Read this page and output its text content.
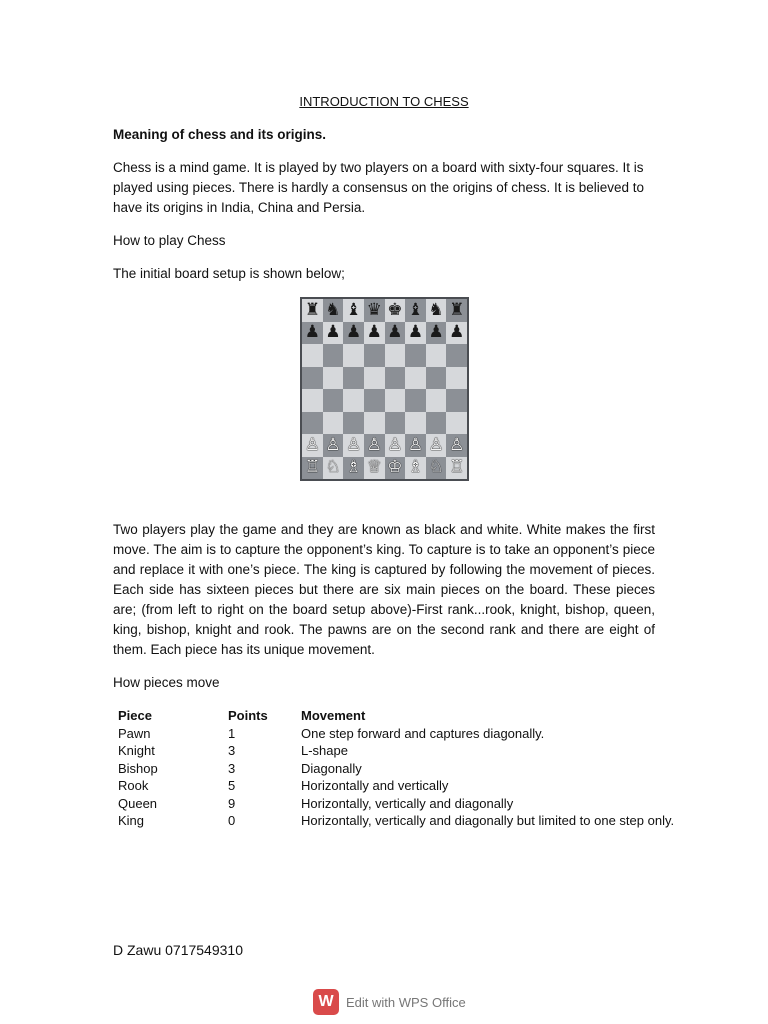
INTRODUCTION TO CHESS
Meaning of chess and its origins.

Chess is a mind game. It is played by two players on a board with sixty-four squares. It is played using pieces. There is hardly a consensus on the origins of chess. It is believed to have its origins in India, China and Persia.

How to play Chess

The initial board setup is shown below;

♜ ♞ ♝ ♛ ♚ ♝ ♞ ♜
♟ ♟ ♟ ♟ ♟ ♟ ♟ ♟
♙ ♙ ♙ ♙ ♙ ♙ ♙ ♙
♖ ♘ ♗ ♕ ♔ ♗ ♘ ♖

Two players play the game and they are known as black and white. White makes the first move. The aim is to capture the opponent’s king. To capture is to take an opponent’s piece and replace it with one’s piece. The king is captured by following the movement of pieces. Each side has sixteen pieces but there are six main pieces on the board. These pieces are; (from left to right on the board setup above)-First rank...rook, knight, bishop, queen, king, bishop, knight and rook. The pawns are on the second rank and there are eight of them. Each piece has its unique movement.

How pieces move
Piece	Points	Movement
Pawn	1	One step forward and captures diagonally.
Knight	3	L-shape
Bishop	3	Diagonally
Rook	5	Horizontally and vertically
Queen	9	Horizontally, vertically and diagonally
King	0	Horizontally, vertically and diagonally but limited to one step only.
D Zawu 0717549310
W Edit with WPS Office
